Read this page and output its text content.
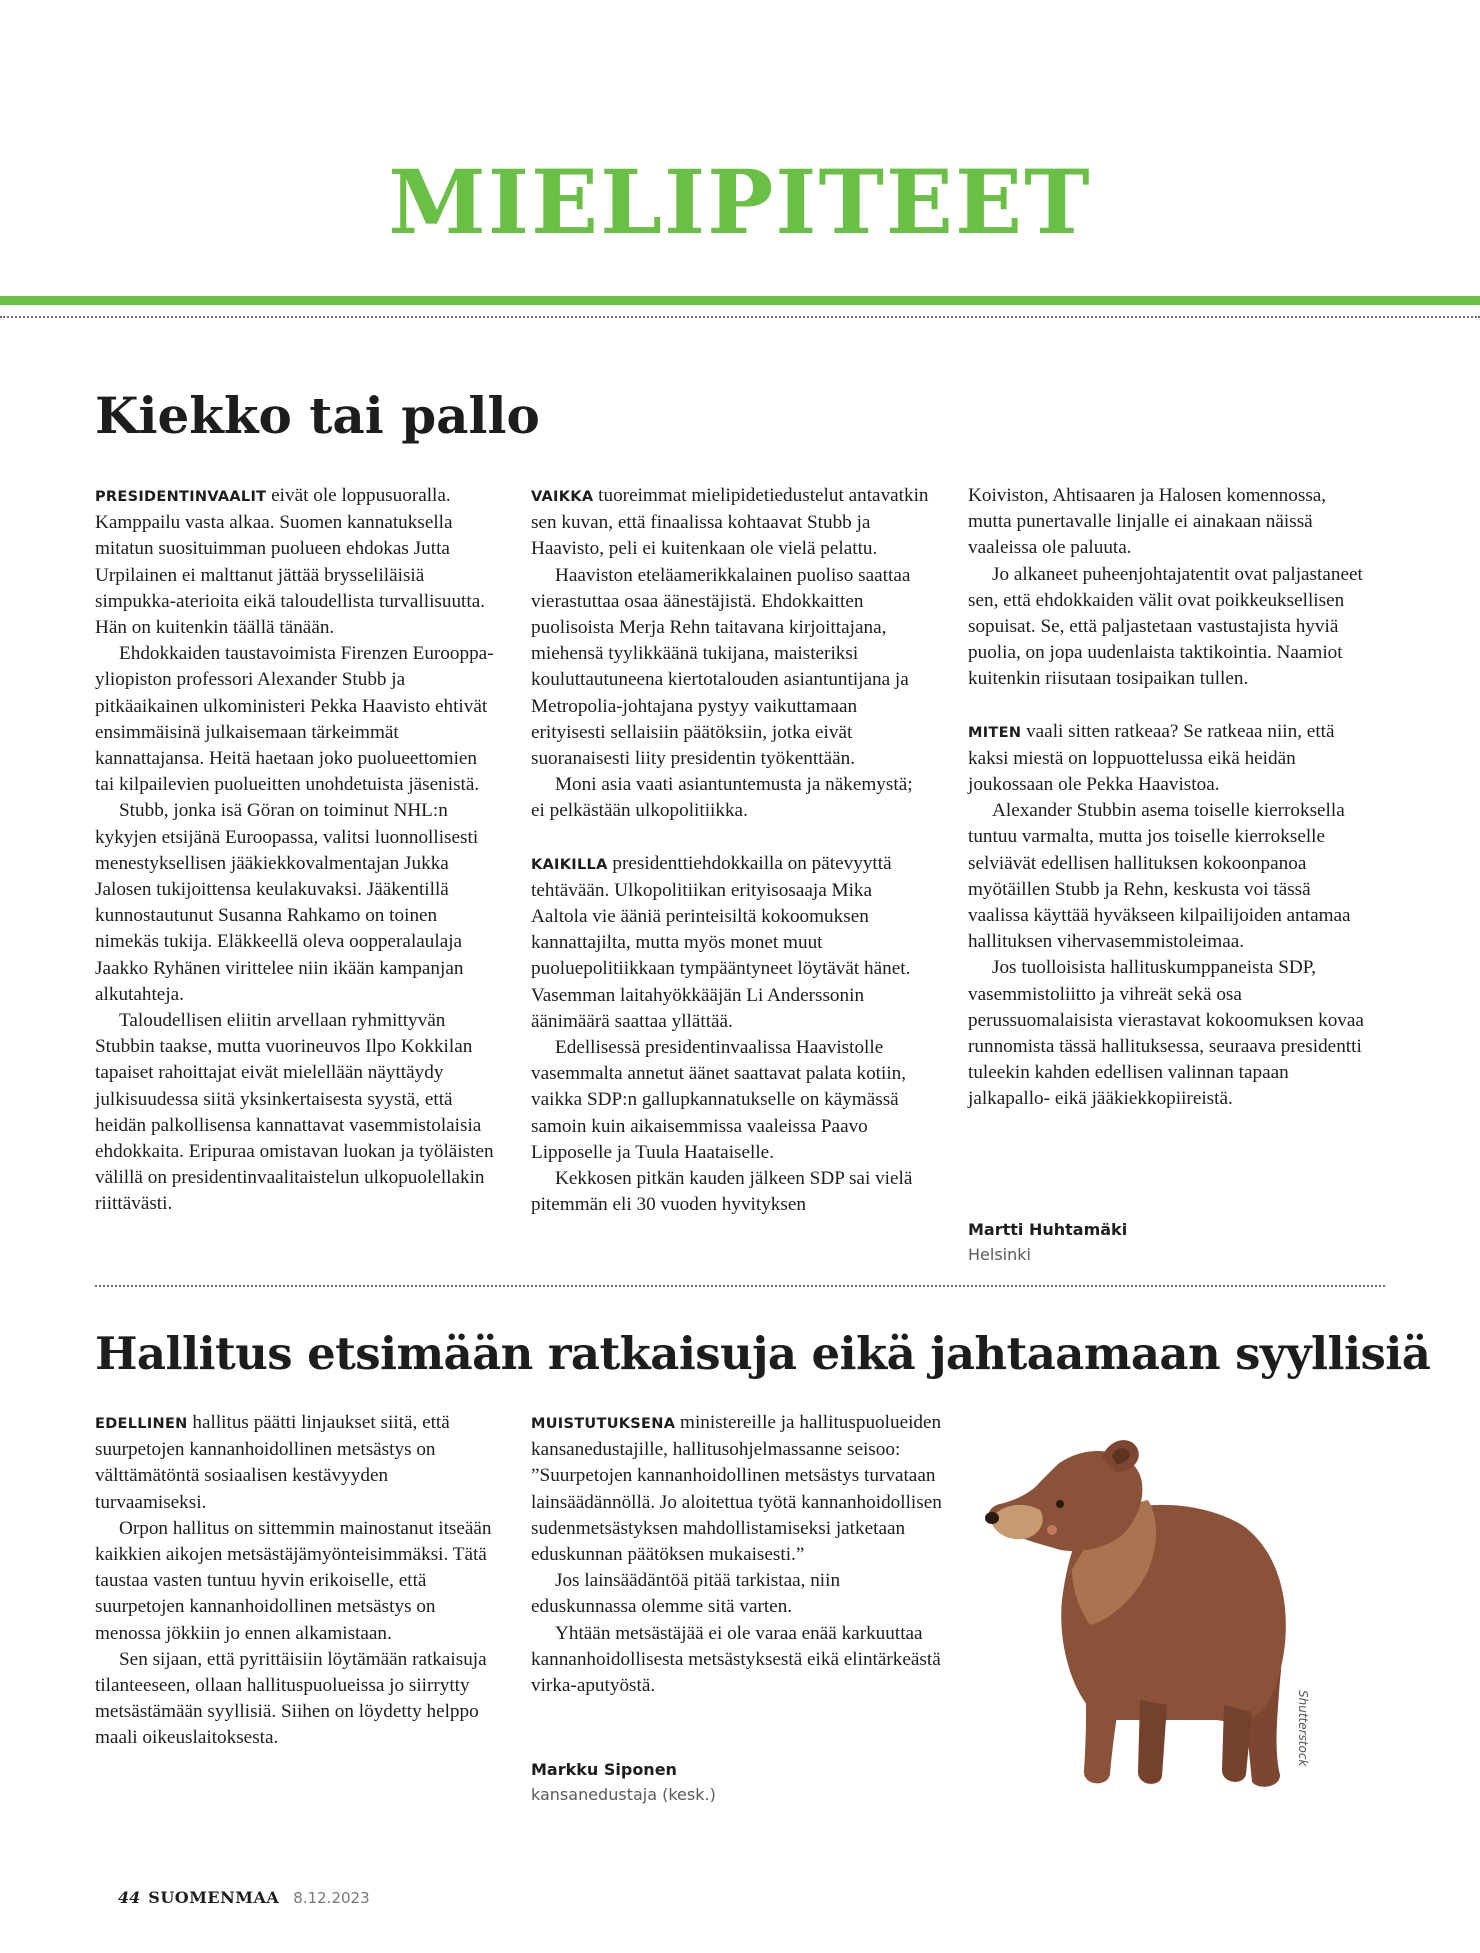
MIELIPITEET
Kiekko tai pallo

PRESIDENTINVAALIT eivät ole loppusuoralla. Kamppailu vasta alkaa. Suomen kannatuksella mitatun suosituimman puolueen ehdokas Jutta Urpilainen ei malttanut jättää brysseliläisiä simpukka-aterioita eikä taloudellista turvallisuutta. Hän on kuitenkin täällä tänään.

Ehdokkaiden taustavoimista Firenzen Eurooppa-yliopiston professori Alexander Stubb ja pitkäaikainen ulkoministeri Pekka Haavisto ehtivät ensimmäisinä julkaisemaan tärkeimmät kannattajansa. Heitä haetaan joko puolueettomien tai kilpailevien puolueitten unohdetuista jäsenistä.

Stubb, jonka isä Göran on toiminut NHL:n kykyjen etsijänä Euroopassa, valitsi luonnollisesti menestyksellisen jääkiekkovalmentajan Jukka Jalosen tukijoittensa keulakuvaksi. Jääkentillä kunnostautunut Susanna Rahkamo on toinen nimekäs tukija. Eläkkeellä oleva oopperalaulaja Jaakko Ryhänen virittelee niin ikään kampanjan alkutahteja.

Taloudellisen eliitin arvellaan ryhmittyvän Stubbin taakse, mutta vuorineuvos Ilpo Kokkilan tapaiset rahoittajat eivät mielellään näyttäydy julkisuudessa siitä yksinkertaisesta syystä, että heidän palkollisensa kannattavat vasemmistolaisia ehdokkaita. Eripuraa omistavan luokan ja työläisten välillä on presidentinvaalitaistelun ulkopuolellakin riittävästi.

VAIKKA tuoreimmat mielipidetiedustelut antavatkin sen kuvan, että finaalissa kohtaavat Stubb ja Haavisto, peli ei kuitenkaan ole vielä pelattu.

Haaviston eteläamerikkalainen puoliso saattaa vierastuttaa osaa äänestäjistä. Ehdokkaitten puolisoista Merja Rehn taitavana kirjoittajana, miehensä tyylikkäänä tukijana, maisteriksi kouluttautuneena kiertotalouden asiantuntijana ja Metropolia-johtajana pystyy vaikuttamaan erityisesti sellaisiin päätöksiin, jotka eivät suoranaisesti liity presidentin työkenttään.

Moni asia vaati asiantuntemusta ja näkemystä; ei pelkästään ulkopolitiikka.

KAIKILLA presidenttiehdokkailla on pätevyyttä tehtävään. Ulkopolitiikan erityisosaaja Mika Aaltola vie ääniä perinteisiltä kokoomuksen kannattajilta, mutta myös monet muut puoluepolitiikkaan tympääntyneet löytävät hänet. Vasemman laitahyökkääjän Li Anderssonin äänimäärä saattaa yllättää.

Edellisessä presidentinvaalissa Haavistolle vasemmalta annetut äänet saattavat palata kotiin, vaikka SDP:n gallupkannatukselle on käymässä samoin kuin aikaisemmissa vaaleissa Paavo Lipposelle ja Tuula Haataiselle.

Kekkosen pitkän kauden jälkeen SDP sai vielä pitemmän eli 30 vuoden hyvityksen

Koiviston, Ahtisaaren ja Halosen komennossa, mutta punertavalle linjalle ei ainakaan näissä vaaleissa ole paluuta.

Jo alkaneet puheenjohtajatentit ovat paljastaneet sen, että ehdokkaiden välit ovat poikkeuksellisen sopuisat. Se, että paljastetaan vastustajista hyviä puolia, on jopa uudenlaista taktikointia. Naamiot kuitenkin riisutaan tosipaikan tullen.

MITEN vaali sitten ratkeaa? Se ratkeaa niin, että kaksi miestä on loppuottelussa eikä heidän joukossaan ole Pekka Haavistoa.

Alexander Stubbin asema toiselle kierroksella tuntuu varmalta, mutta jos toiselle kierrokselle selviävät edellisen hallituksen kokoonpanoa myötäillen Stubb ja Rehn, keskusta voi tässä vaalissa käyttää hyväkseen kilpailijoiden antamaa hallituksen vihervasemmistoleimaa.

Jos tuolloisista hallituskumppaneista SDP, vasemmistoliitto ja vihreät sekä osa perussuomalaisista vierastavat kokoomuksen kovaa runnomista tässä hallituksessa, seuraava presidentti tuleekin kahden edellisen valinnan tapaan jalkapallo- eikä jääkiekkopiireistä.

Martti Huhtamäki
Helsinki
Hallitus etsimään ratkaisuja eikä jahtaamaan syyllisiä

EDELLINEN hallitus päätti linjaukset siitä, että suurpetojen kannanhoidollinen metsästys on välttämätöntä sosiaalisen kestävyyden turvaamiseksi.

Orpon hallitus on sittemmin mainostanut itseään kaikkien aikojen metsästäjämyönteisimmäksi. Tätä taustaa vasten tuntuu hyvin erikoiselle, että suurpetojen kannanhoidollinen metsästys on menossa jökkiin jo ennen alkamistaan.

Sen sijaan, että pyrittäisiin löytämään ratkaisuja tilanteeseen, ollaan hallituspuolueissa jo siirrytty metsästämään syyllisiä. Siihen on löydetty helppo maali oikeuslaitoksesta.

MUISTUTUKSENA ministereille ja hallituspuolueiden kansanedustajille, hallitusohjelmassanne seisoo: ”Suurpetojen kannanhoidollinen metsästys turvataan lainsäädännöllä. Jo aloitettua työtä kannanhoidollisen sudenmetsästyksen mahdollistamiseksi jatketaan eduskunnan päätöksen mukaisesti.”

Jos lainsäädäntöä pitää tarkistaa, niin eduskunnassa olemme sitä varten.

Yhtään metsästäjää ei ole varaa enää karkuuttaa kannanhoidollisesta metsästyksestä eikä elintärkeästä virka-aputyöstä.

Markku Siponen
kansanedustaja (kesk.)
Shutterstock
44 SUOMENMAA 8.12.2023
